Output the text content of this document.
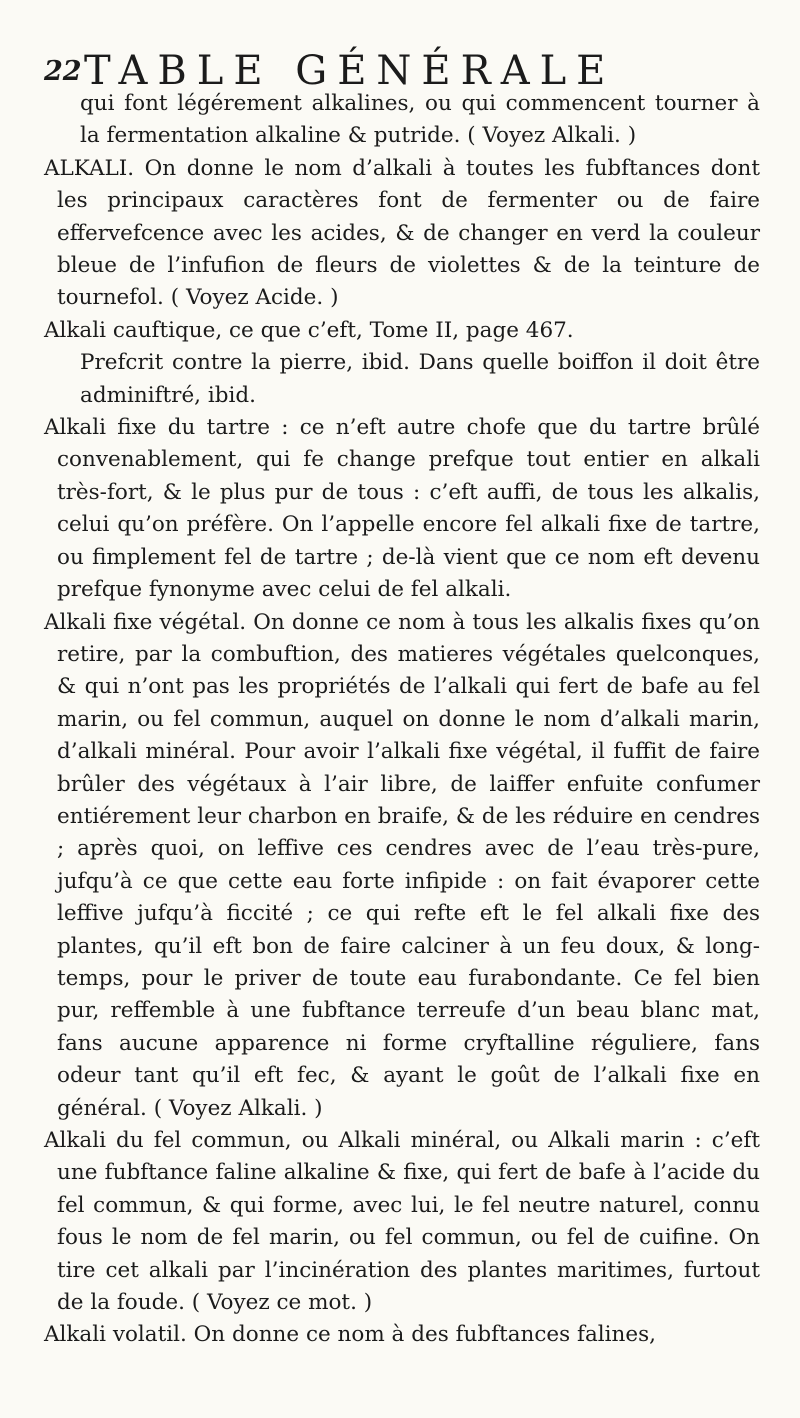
22 TABLE GÉNÉRALE

qui font légérement alkalines, ou qui commencent tourner à la fermentation alkaline & putride. ( Voyez Alkali. )

ALKALI. On donne le nom d’alkali à toutes les fubftances dont les principaux caractères font de fermenter ou de faire effervefcence avec les acides, & de changer en verd la couleur bleue de l’infufion de fleurs de violettes & de la teinture de tournefol. ( Voyez Acide. )

Alkali cauftique, ce que c’eft, Tome II, page 467.

Prefcrit contre la pierre, ibid. Dans quelle boiffon il doit être adminiftré, ibid.

Alkali fixe du tartre : ce n’eft autre chofe que du tartre brûlé convenablement, qui fe change prefque tout entier en alkali très-fort, & le plus pur de tous : c’eft auffi, de tous les alkalis, celui qu’on préfère. On l’appelle encore fel alkali fixe de tartre, ou fimplement fel de tartre ; de-là vient que ce nom eft devenu prefque fynonyme avec celui de fel alkali.

Alkali fixe végétal. On donne ce nom à tous les alkalis fixes qu’on retire, par la combuftion, des matieres végétales quelconques, & qui n’ont pas les propriétés de l’alkali qui fert de bafe au fel marin, ou fel commun, auquel on donne le nom d’alkali marin, d’alkali minéral. Pour avoir l’alkali fixe végétal, il fuffit de faire brûler des végétaux à l’air libre, de laiffer enfuite confumer entiérement leur charbon en braife, & de les réduire en cendres ; après quoi, on leffive ces cendres avec de l’eau très-pure, jufqu’à ce que cette eau forte infipide : on fait évaporer cette leffive jufqu’à ficcité ; ce qui refte eft le fel alkali fixe des plantes, qu’il eft bon de faire calciner à un feu doux, & long-temps, pour le priver de toute eau furabondante. Ce fel bien pur, reffemble à une fubftance terreufe d’un beau blanc mat, fans aucune apparence ni forme cryftalline réguliere, fans odeur tant qu’il eft fec, & ayant le goût de l’alkali fixe en général. ( Voyez Alkali. )

Alkali du fel commun, ou Alkali minéral, ou Alkali marin : c’eft une fubftance faline alkaline & fixe, qui fert de bafe à l’acide du fel commun, & qui forme, avec lui, le fel neutre naturel, connu fous le nom de fel marin, ou fel commun, ou fel de cuifine. On tire cet alkali par l’incinération des plantes maritimes, furtout de la foude. ( Voyez ce mot. )

Alkali volatil. On donne ce nom à des fubftances falines,
